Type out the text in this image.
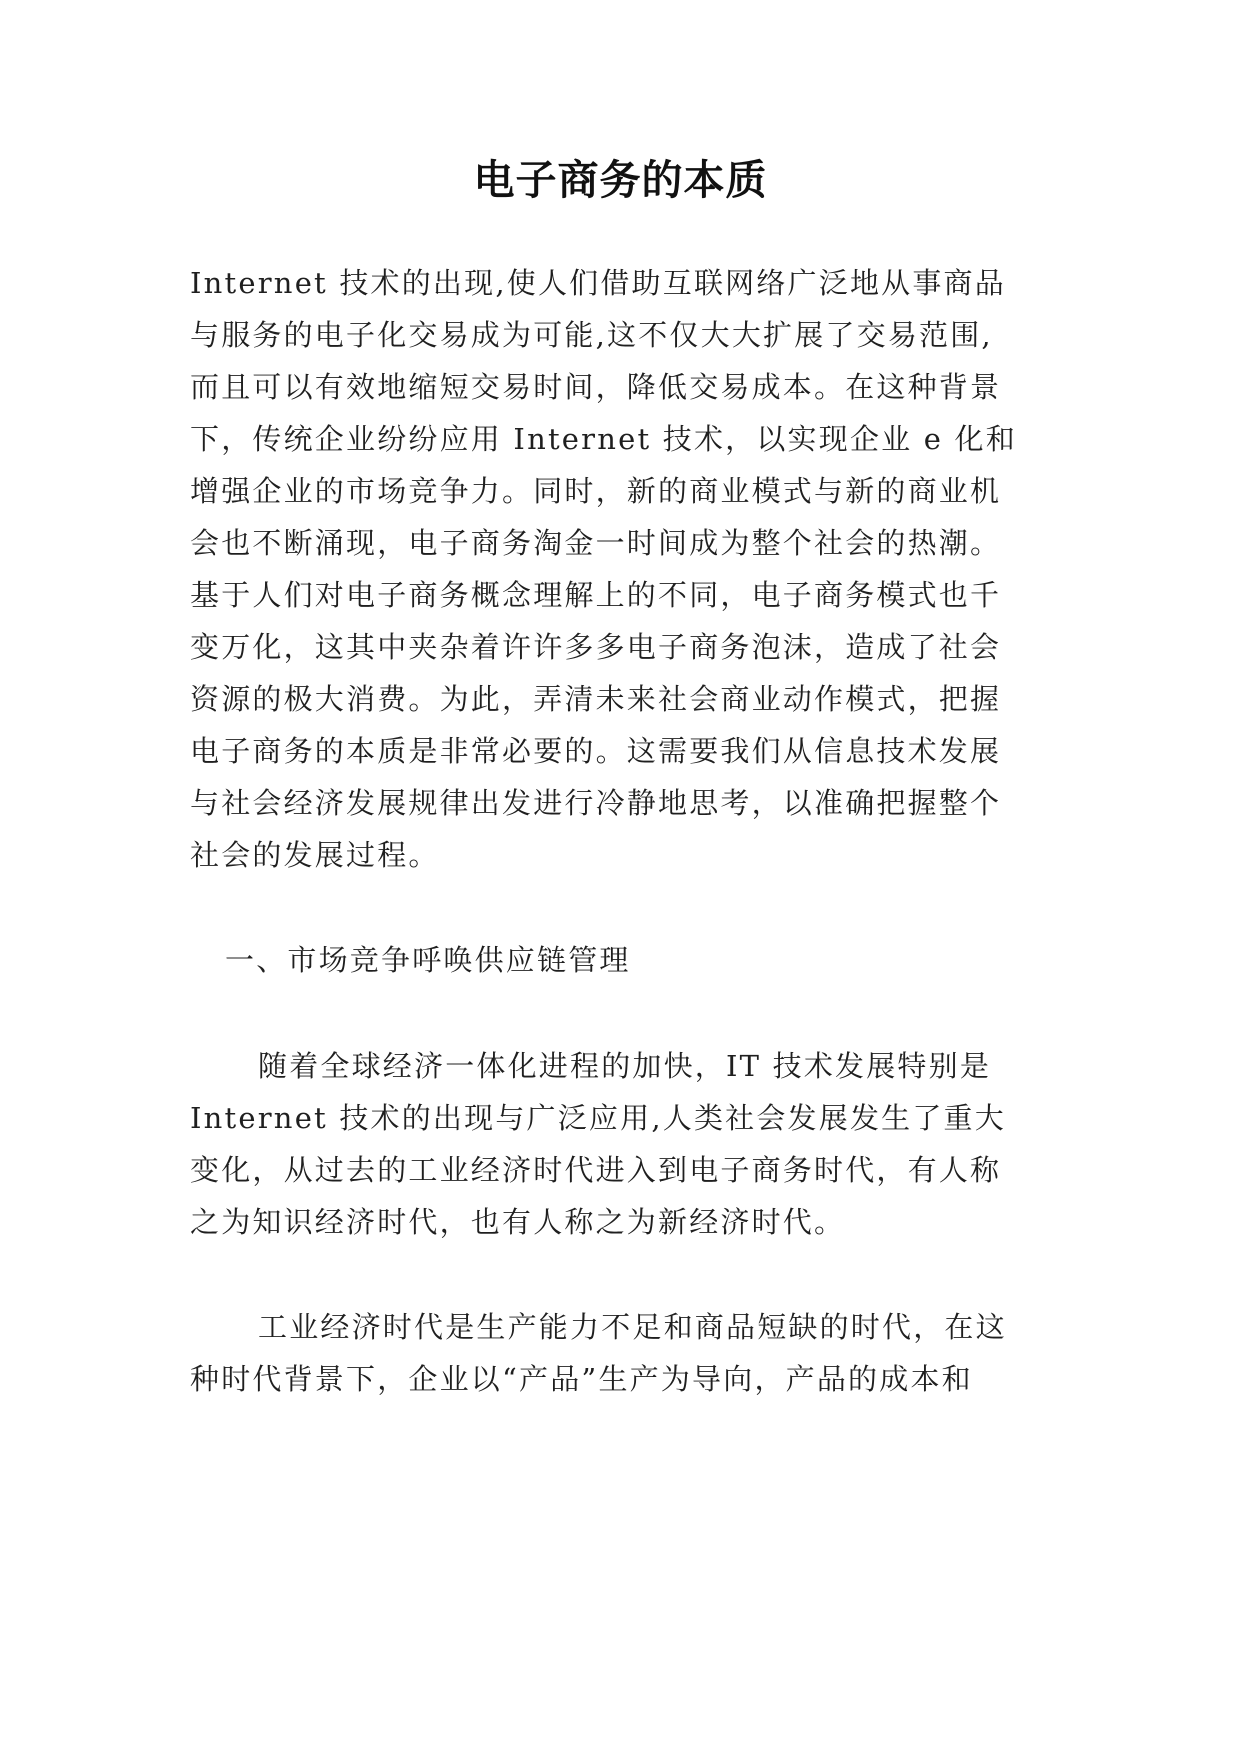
电子商务的本质
Internet 技术的出现,使人们借助互联网络广泛地从事商品
与服务的电子化交易成为可能,这不仅大大扩展了交易范围,
而且可以有效地缩短交易时间，降低交易成本。在这种背景
下，传统企业纷纷应用 Internet 技术，以实现企业 e 化和
增强企业的市场竞争力。同时，新的商业模式与新的商业机
会也不断涌现，电子商务淘金一时间成为整个社会的热潮。
基于人们对电子商务概念理解上的不同，电子商务模式也千
变万化，这其中夹杂着许许多多电子商务泡沫，造成了社会
资源的极大消费。为此，弄清未来社会商业动作模式，把握
电子商务的本质是非常必要的。这需要我们从信息技术发展
与社会经济发展规律出发进行冷静地思考，以准确把握整个
社会的发展过程。
一、市场竞争呼唤供应链管理
随着全球经济一体化进程的加快，IT 技术发展特别是
Internet 技术的出现与广泛应用,人类社会发展发生了重大
变化，从过去的工业经济时代进入到电子商务时代，有人称
之为知识经济时代，也有人称之为新经济时代。
工业经济时代是生产能力不足和商品短缺的时代，在这
种时代背景下，企业以“产品”生产为导向，产品的成本和
